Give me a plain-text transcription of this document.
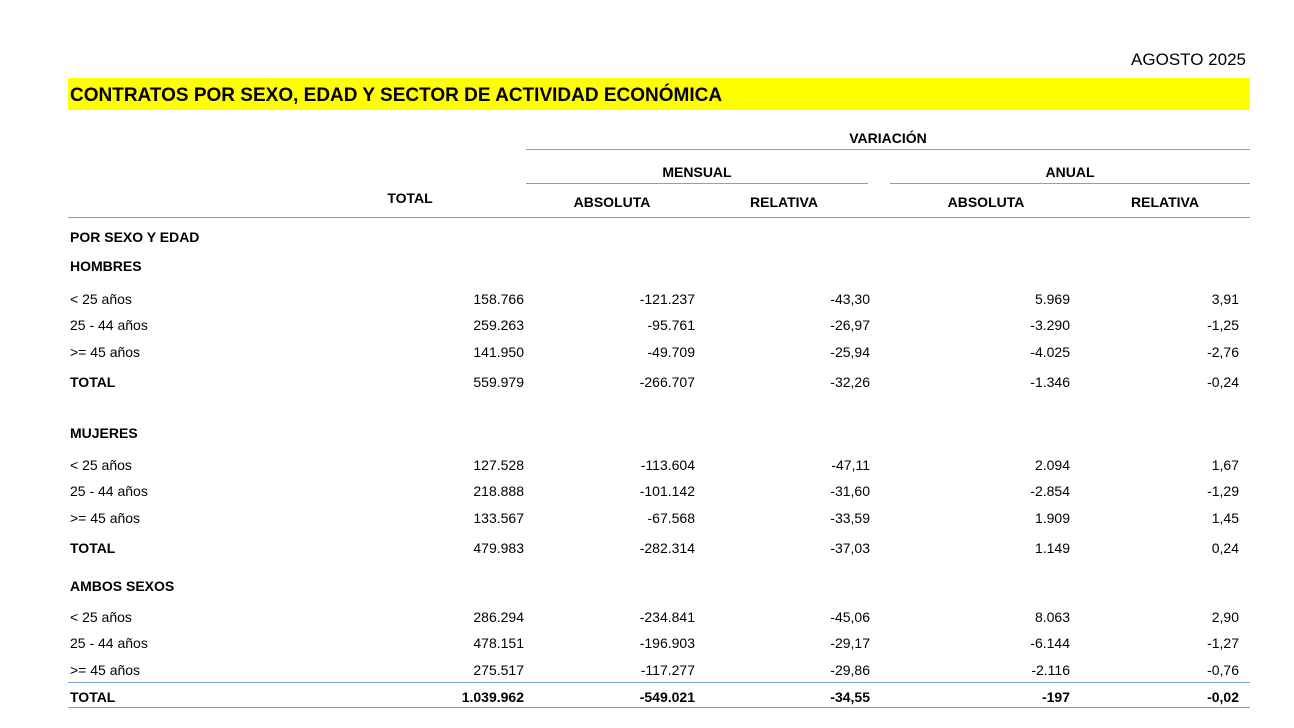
AGOSTO 2025
CONTRATOS POR SEXO, EDAD Y SECTOR DE ACTIVIDAD ECONÓMICA
VARIACIÓN
MENSUAL	ANUAL
TOTAL	ABSOLUTA	RELATIVA	ABSOLUTA	RELATIVA
POR SEXO Y EDAD
HOMBRES
< 25 años	158.766	-121.237	-43,30	5.969	3,91
25 - 44 años	259.263	-95.761	-26,97	-3.290	-1,25
>= 45 años	141.950	-49.709	-25,94	-4.025	-2,76
TOTAL	559.979	-266.707	-32,26	-1.346	-0,24
MUJERES
< 25 años	127.528	-113.604	-47,11	2.094	1,67
25 - 44 años	218.888	-101.142	-31,60	-2.854	-1,29
>= 45 años	133.567	-67.568	-33,59	1.909	1,45
TOTAL	479.983	-282.314	-37,03	1.149	0,24
AMBOS SEXOS
< 25 años	286.294	-234.841	-45,06	8.063	2,90
25 - 44 años	478.151	-196.903	-29,17	-6.144	-1,27
>= 45 años	275.517	-117.277	-29,86	-2.116	-0,76
TOTAL	1.039.962	-549.021	-34,55	-197	-0,02
